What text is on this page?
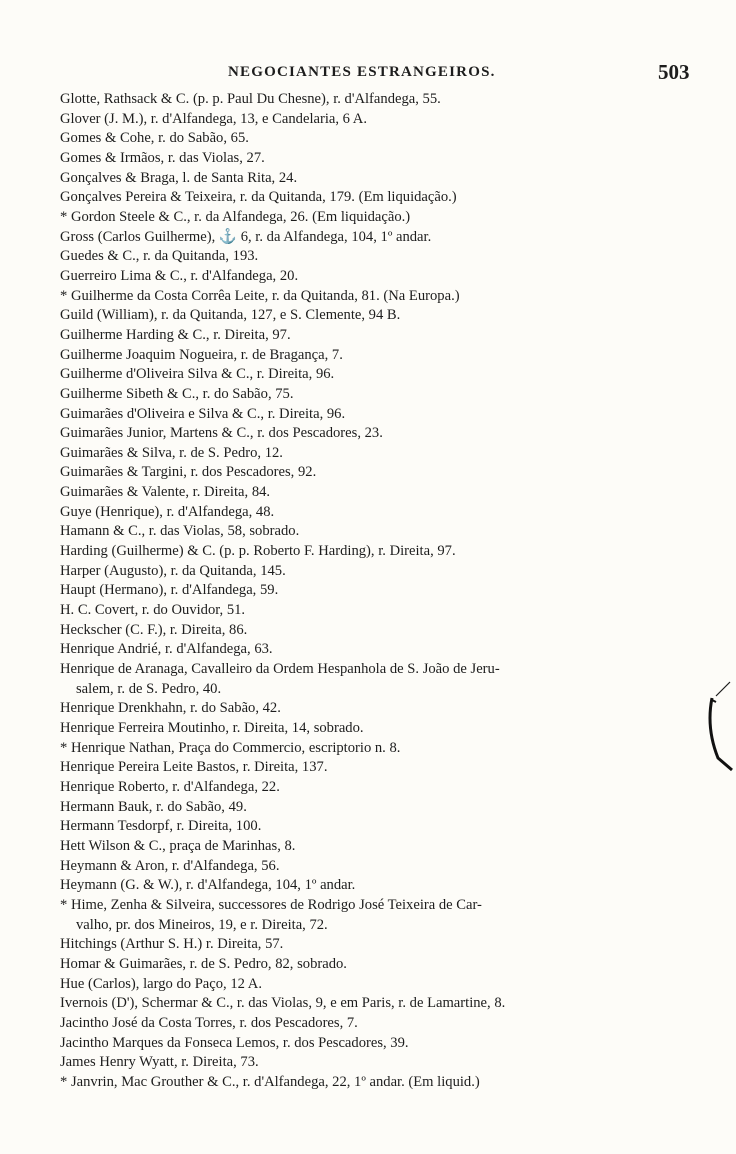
NEGOCIANTES ESTRANGEIROS.	503
Glotte, Rathsack & C. (p. p. Paul Du Chesne), r. d'Alfandega, 55.
Glover (J. M.), r. d'Alfandega, 13, e Candelaria, 6 A.
Gomes & Cohe, r. do Sabão, 65.
Gomes & Irmãos, r. das Violas, 27.
Gonçalves & Braga, l. de Santa Rita, 24.
Gonçalves Pereira & Teixeira, r. da Quitanda, 179. (Em liquidação.)
* Gordon Steele & C., r. da Alfandega, 26. (Em liquidação.)
Gross (Carlos Guilherme), ⚓ 6, r. da Alfandega, 104, 1º andar.
Guedes & C., r. da Quitanda, 193.
Guerreiro Lima & C., r. d'Alfandega, 20.
* Guilherme da Costa Corrêa Leite, r. da Quitanda, 81. (Na Europa.)
Guild (William), r. da Quitanda, 127, e S. Clemente, 94 B.
Guilherme Harding & C., r. Direita, 97.
Guilherme Joaquim Nogueira, r. de Bragança, 7.
Guilherme d'Oliveira Silva & C., r. Direita, 96.
Guilherme Sibeth & C., r. do Sabão, 75.
Guimarães d'Oliveira e Silva & C., r. Direita, 96.
Guimarães Junior, Martens & C., r. dos Pescadores, 23.
Guimarães & Silva, r. de S. Pedro, 12.
Guimarães & Targini, r. dos Pescadores, 92.
Guimarães & Valente, r. Direita, 84.
Guye (Henrique), r. d'Alfandega, 48.
Hamann & C., r. das Violas, 58, sobrado.
Harding (Guilherme) & C. (p. p. Roberto F. Harding), r. Direita, 97.
Harper (Augusto), r. da Quitanda, 145.
Haupt (Hermano), r. d'Alfandega, 59.
H. C. Covert, r. do Ouvidor, 51.
Heckscher (C. F.), r. Direita, 86.
Henrique Andrié, r. d'Alfandega, 63.
Henrique de Aranaga, Cavalleiro da Ordem Hespanhola de S. João de Jeru-
salem, r. de S. Pedro, 40.
Henrique Drenkhahn, r. do Sabão, 42.
Henrique Ferreira Moutinho, r. Direita, 14, sobrado.
* Henrique Nathan, Praça do Commercio, escriptorio n. 8.
Henrique Pereira Leite Bastos, r. Direita, 137.
Henrique Roberto, r. d'Alfandega, 22.
Hermann Bauk, r. do Sabão, 49.
Hermann Tesdorpf, r. Direita, 100.
Hett Wilson & C., praça de Marinhas, 8.
Heymann & Aron, r. d'Alfandega, 56.
Heymann (G. & W.), r. d'Alfandega, 104, 1º andar.
* Hime, Zenha & Silveira, successores de Rodrigo José Teixeira de Car-
valho, pr. dos Mineiros, 19, e r. Direita, 72.
Hitchings (Arthur S. H.) r. Direita, 57.
Homar & Guimarães, r. de S. Pedro, 82, sobrado.
Hue (Carlos), largo do Paço, 12 A.
Ivernois (D'), Schermar & C., r. das Violas, 9, e em Paris, r. de Lamartine, 8.
Jacintho José da Costa Torres, r. dos Pescadores, 7.
Jacintho Marques da Fonseca Lemos, r. dos Pescadores, 39.
James Henry Wyatt, r. Direita, 73.
* Janvrin, Mac Grouther & C., r. d'Alfandega, 22, 1º andar. (Em liquid.)
